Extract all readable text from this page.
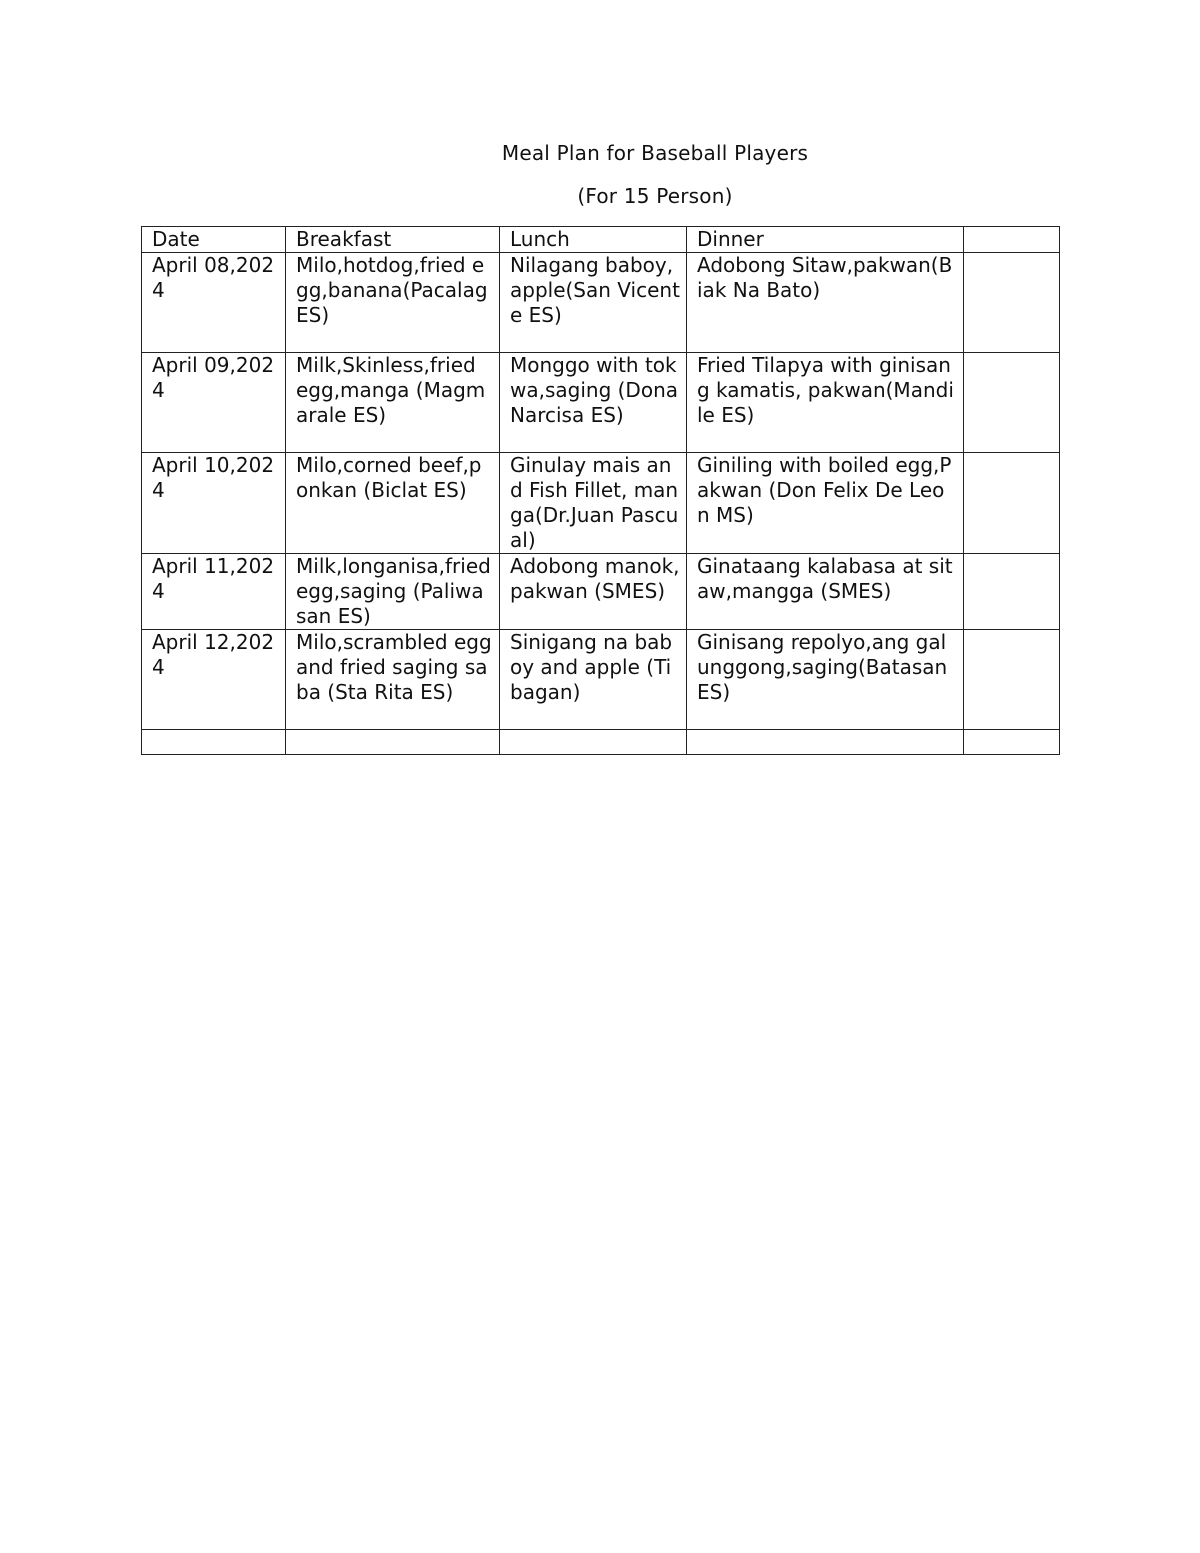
Meal Plan for Baseball Players
(For 15 Person)
Date	Breakfast	Lunch	Dinner	
April 08,2024	Milo,hotdog,fried egg,banana(Pacalag ES)	Nilagang baboy, apple(San Vicente ES)	Adobong Sitaw,pakwan(Biak Na Bato)	
April 09,2024	Milk,Skinless,fried egg,manga (Magmarale ES)	Monggo with tokwa,saging (Dona Narcisa ES)	Fried Tilapya with ginisang kamatis, pakwan(Mandile ES)	
April 10,2024	Milo,corned beef,ponkan (Biclat ES)	Ginulay mais and Fish Fillet, manga(Dr.Juan Pascual)	Giniling with boiled egg,Pakwan (Don Felix De Leon MS)	
April 11,2024	Milk,longanisa,fried egg,saging (Paliwasan ES)	Adobong manok,pakwan (SMES)	Ginataang kalabasa at sitaw,mangga (SMES)	
April 12,2024	Milo,scrambled egg and fried saging saba (Sta Rita ES)	Sinigang na baboy and apple (Tibagan)	Ginisang repolyo,ang galunggong,saging(Batasan ES)	
